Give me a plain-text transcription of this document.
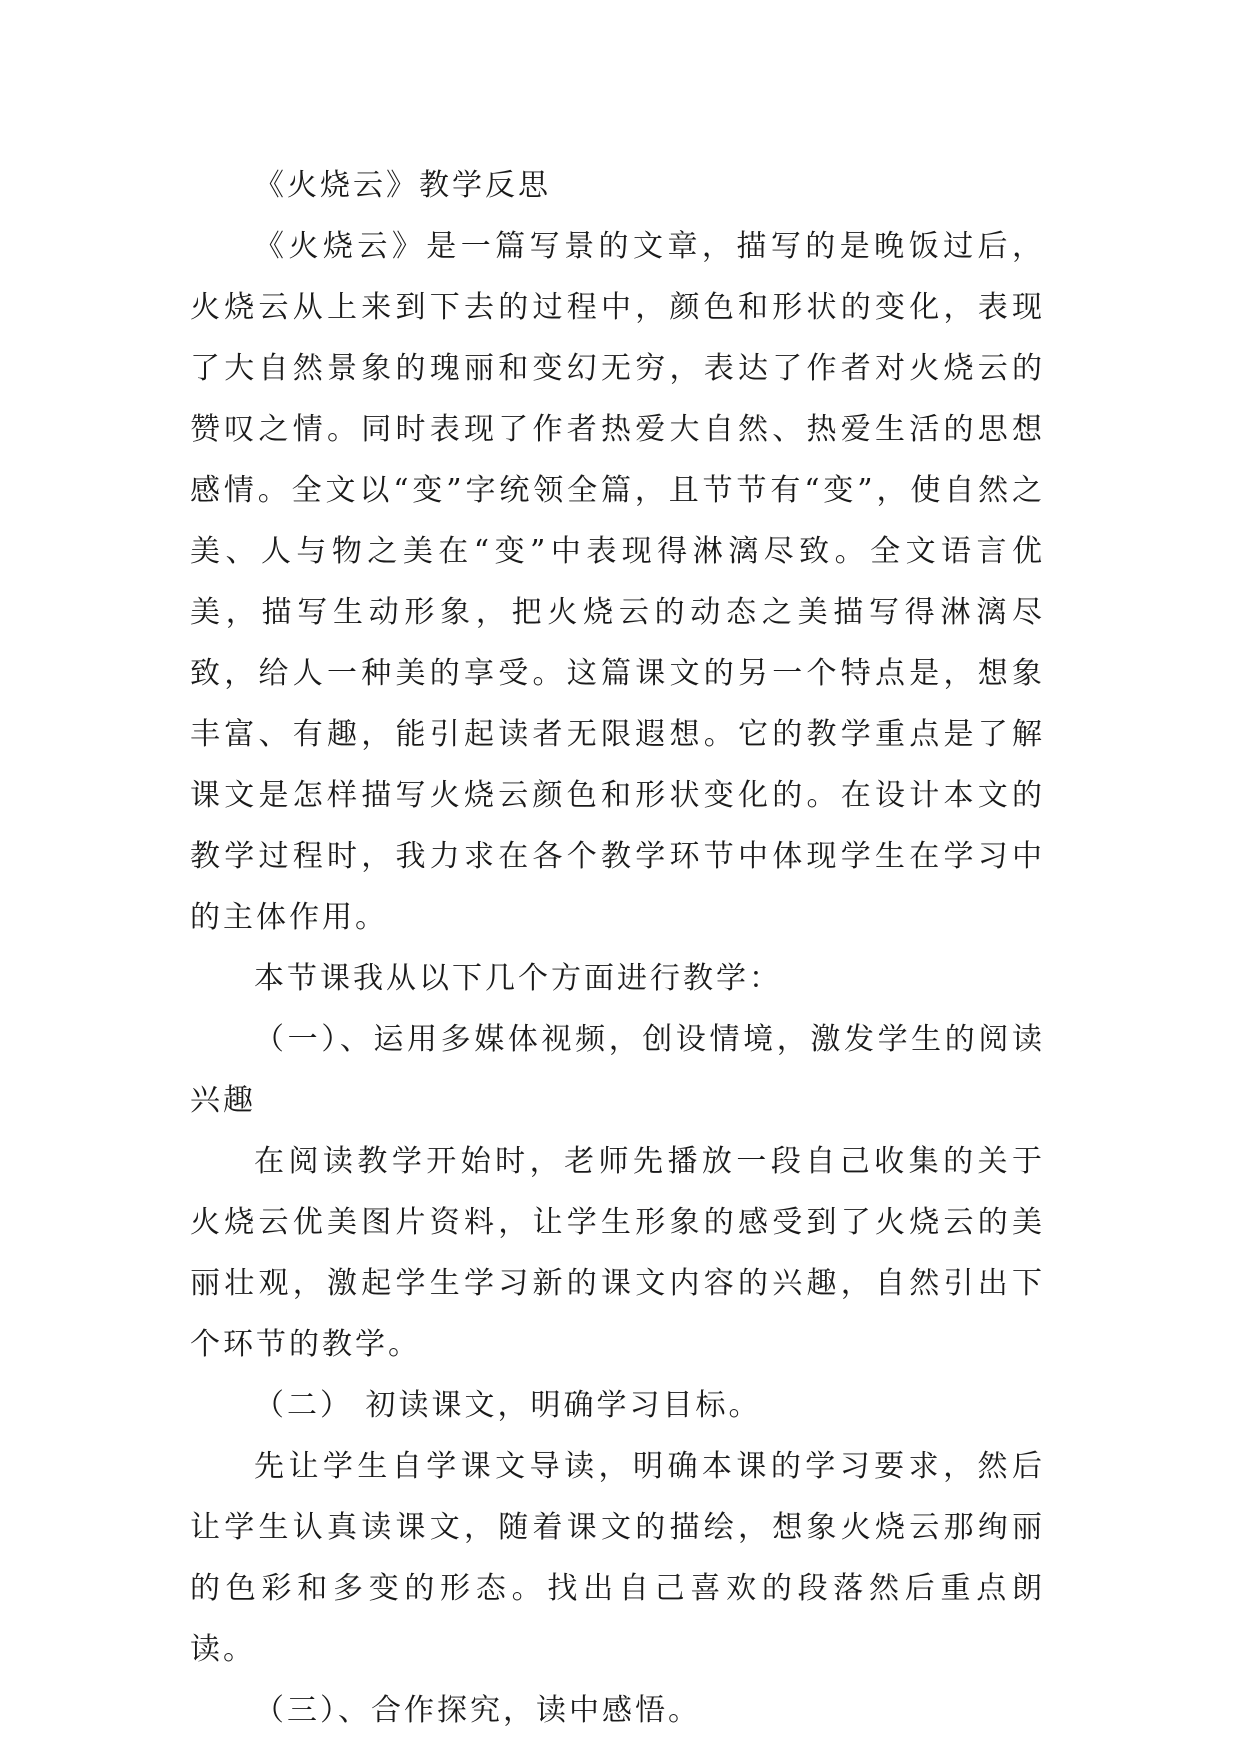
《火烧云》教学反思

《火烧云》是一篇写景的文章，描写的是晚饭过后，火烧云从上来到下去的过程中，颜色和形状的变化，表现了大自然景象的瑰丽和变幻无穷，表达了作者对火烧云的赞叹之情。同时表现了作者热爱大自然、热爱生活的思想感情。全文以“变”字统领全篇，且节节有“变”，使自然之美、人与物之美在“变”中表现得淋漓尽致。全文语言优美，描写生动形象，把火烧云的动态之美描写得淋漓尽致，给人一种美的享受。这篇课文的另一个特点是，想象丰富、有趣，能引起读者无限遐想。它的教学重点是了解课文是怎样描写火烧云颜色和形状变化的。在设计本文的教学过程时，我力求在各个教学环节中体现学生在学习中的主体作用。

本节课我从以下几个方面进行教学：

（一）、运用多媒体视频，创设情境，激发学生的阅读兴趣

在阅读教学开始时，老师先播放一段自己收集的关于火烧云优美图片资料，让学生形象的感受到了火烧云的美丽壮观，激起学生学习新的课文内容的兴趣，自然引出下个环节的教学。

（二） 初读课文，明确学习目标。

先让学生自学课文导读，明确本课的学习要求，然后让学生认真读课文，随着课文的描绘，想象火烧云那绚丽的色彩和多变的形态。找出自己喜欢的段落然后重点朗读。

（三）、合作探究，读中感悟。
